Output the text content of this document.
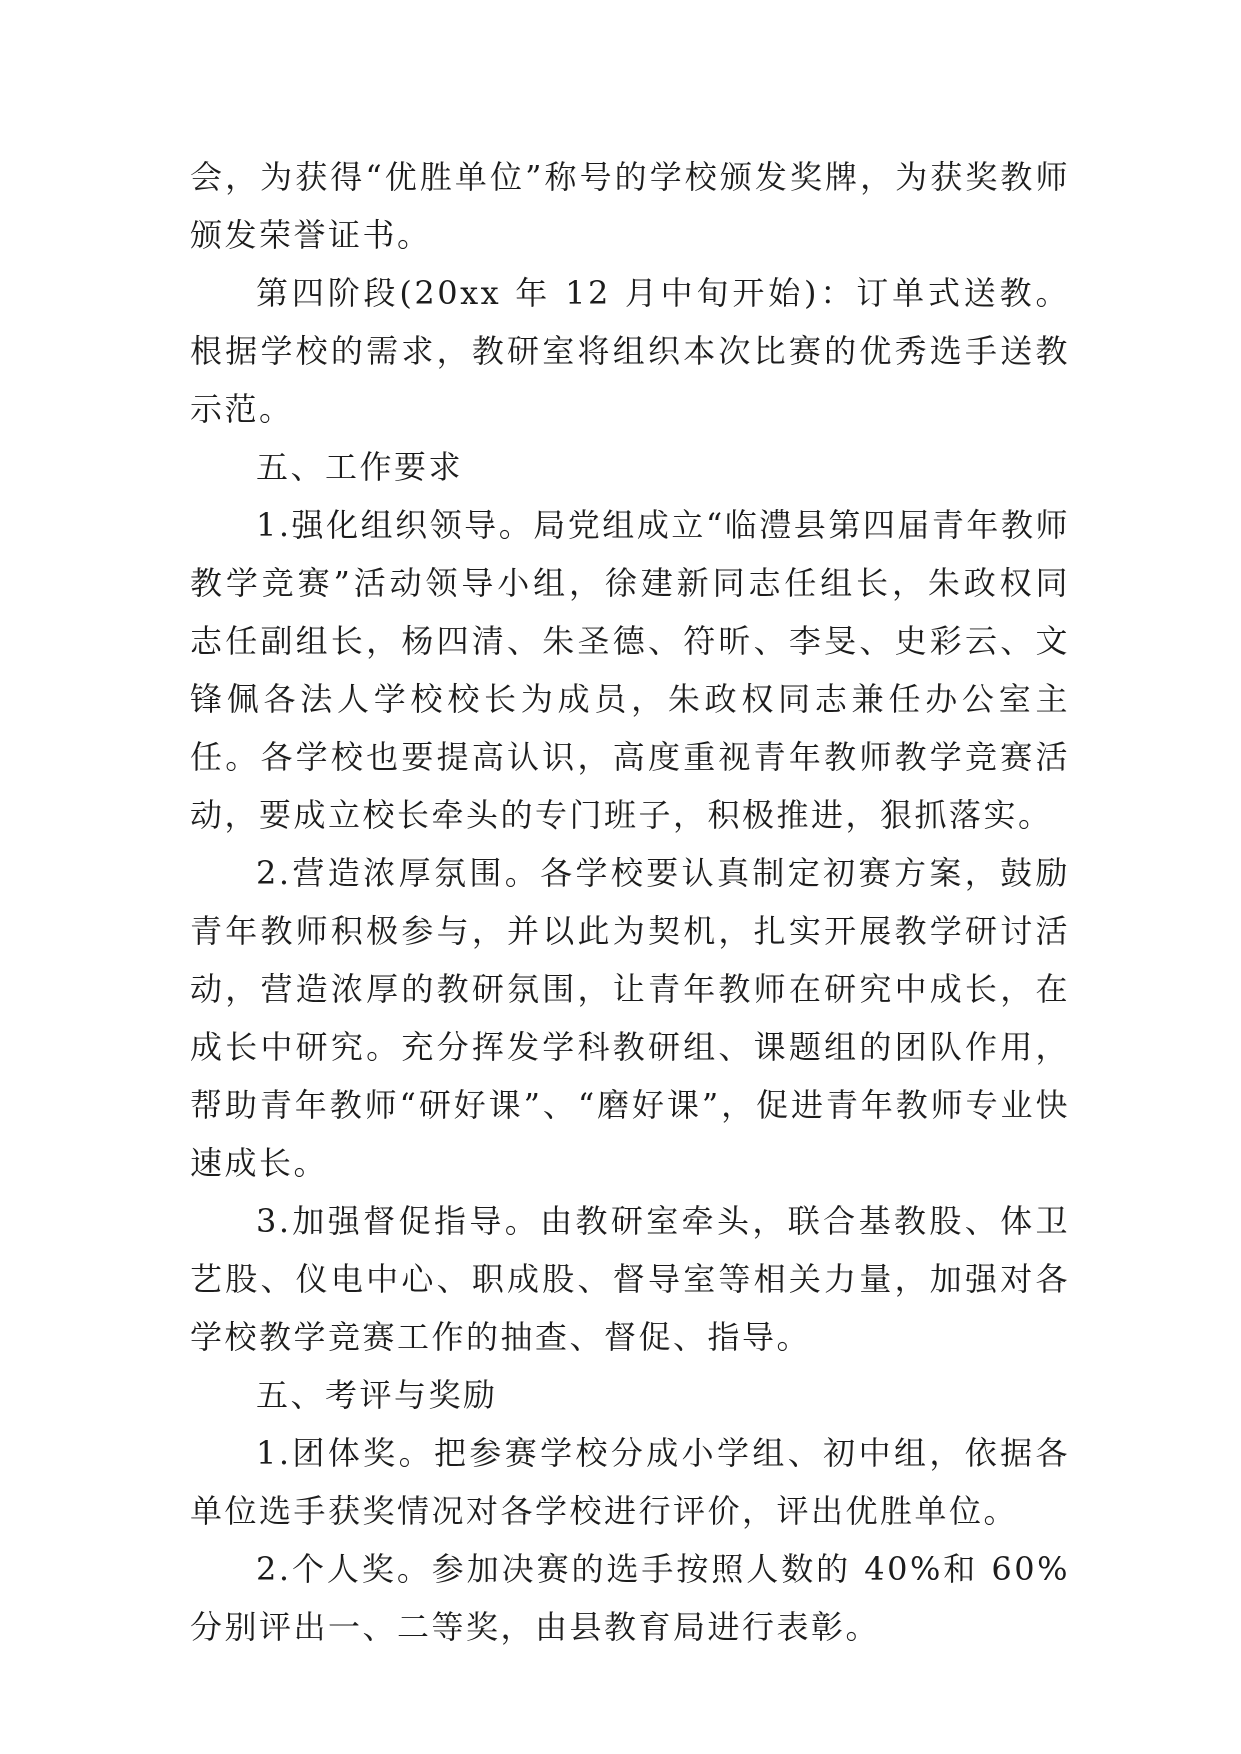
会，为获得“优胜单位”称号的学校颁发奖牌，为获奖教师颁发荣誉证书。

第四阶段(20xx 年 12 月中旬开始)：订单式送教。根据学校的需求，教研室将组织本次比赛的优秀选手送教示范。

五、工作要求

1.强化组织领导。局党组成立“临澧县第四届青年教师教学竞赛”活动领导小组，徐建新同志任组长，朱政权同志任副组长，杨四清、朱圣德、符昕、李旻、史彩云、文锋佩各法人学校校长为成员，朱政权同志兼任办公室主任。各学校也要提高认识，高度重视青年教师教学竞赛活动，要成立校长牵头的专门班子，积极推进，狠抓落实。

2.营造浓厚氛围。各学校要认真制定初赛方案，鼓励青年教师积极参与，并以此为契机，扎实开展教学研讨活动，营造浓厚的教研氛围，让青年教师在研究中成长，在成长中研究。充分挥发学科教研组、课题组的团队作用，帮助青年教师“研好课”、“磨好课”，促进青年教师专业快速成长。

3.加强督促指导。由教研室牵头，联合基教股、体卫艺股、仪电中心、职成股、督导室等相关力量，加强对各学校教学竞赛工作的抽查、督促、指导。

五、考评与奖励

1.团体奖。把参赛学校分成小学组、初中组，依据各单位选手获奖情况对各学校进行评价，评出优胜单位。

2.个人奖。参加决赛的选手按照人数的 40%和 60%分别评出一、二等奖，由县教育局进行表彰。
